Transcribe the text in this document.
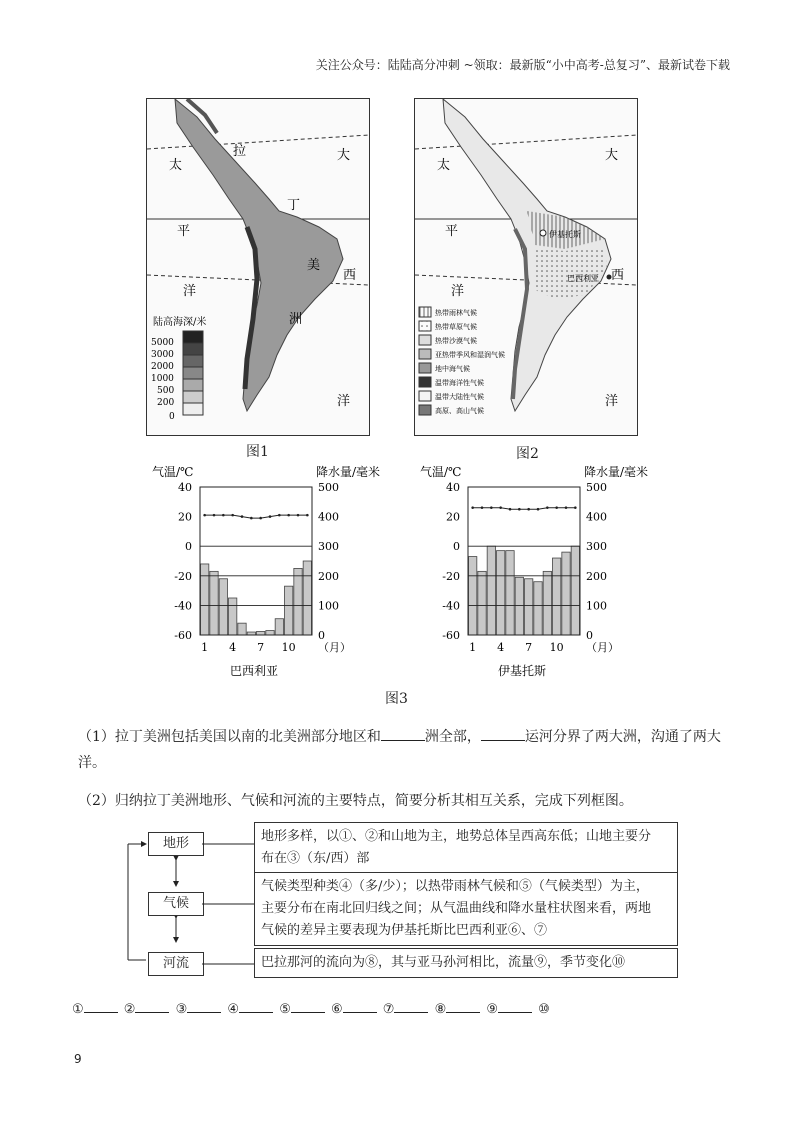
关注公众号：陆陆高分冲刺 ~领取：最新版“小中高考-总复习”、最新试卷下载
拉
丁
美
洲
太
平
洋
大
西
洋
陆高海深/米
5000
3000
2000
1000
500
200
0
图1
伊基托斯
巴西利亚
太
平
洋
大
西
洋
热带雨林气候
热带草原气候
热带沙漠气候
亚热带季风和湿润气候
地中海气候
温带海洋性气候
温带大陆性气候
高原、高山气候
图2
气温/℃	降水量/毫米
40
20
0
-20
-40
-60
500
400
300
200
100
0
1 4 7 10 （月）
巴西利亚
气温/℃	降水量/毫米
40
20
0
-20
-40
-60
500
400
300
200
100
0
1 4 7 10 （月）
伊基托斯
图3
（1）拉丁美洲包括美国以南的北美洲部分地区和	洲全部，	运河分界了两大洲，沟通了两大
洋。
（2）归纳拉丁美洲地形、气候和河流的主要特点，简要分析其相互关系，完成下列框图。
地形
气候
河流
地形多样，以①、②和山地为主，地势总体呈西高东低；山地主要分
布在③（东/西）部
气候类型种类④（多/少）；以热带雨林气候和⑤（气候类型）为主，
主要分布在南北回归线之间；从气温曲线和降水量柱状图来看，两地
气候的差异主要表现为伊基托斯比巴西利亚⑥、⑦
巴拉那河的流向为⑧，其与亚马孙河相比，流量⑨，季节变化⑩
①	②	③	④	⑤	⑥	⑦	⑧	⑨	⑩
9
